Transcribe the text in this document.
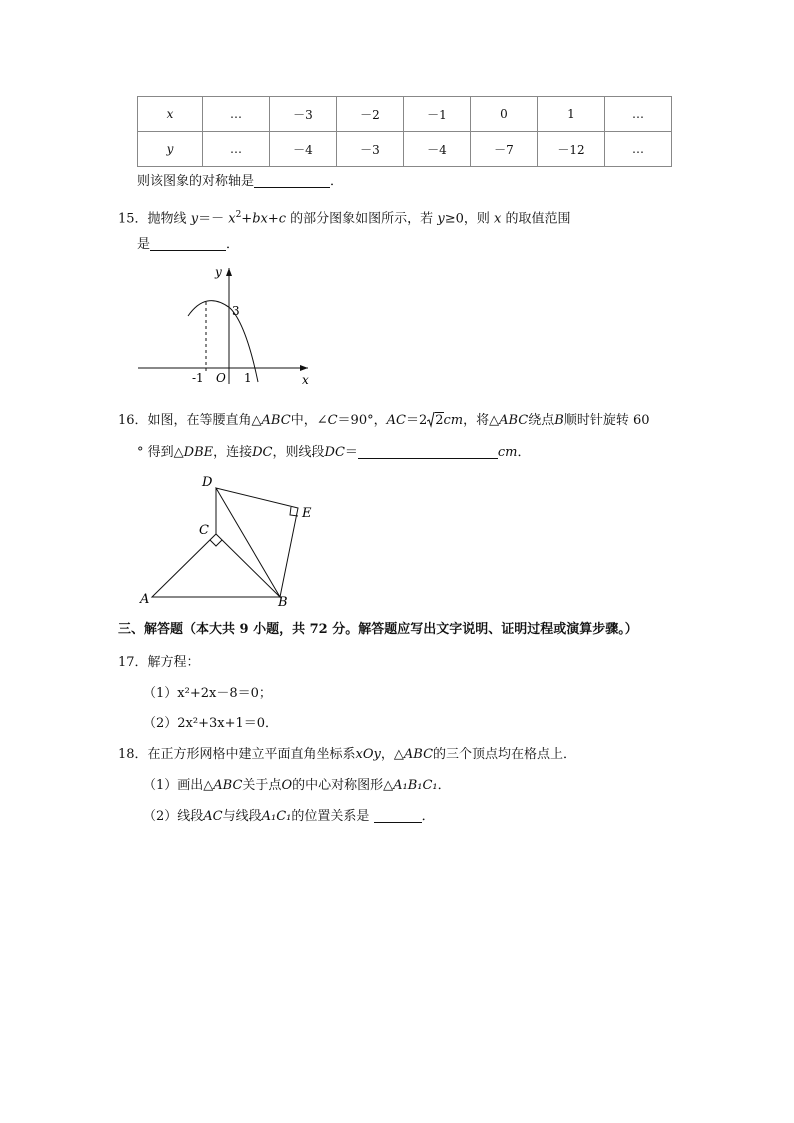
x	…	－3	－2	－1	0	1	…
y	…	－4	－3	－4	－7	－12	…
则该图象的对称轴是	．
15．抛物线 $y=- x^2+bx+c$ 的部分图象如图所示，若 y≥0，则 x 的取值范围
是	．
y
x
3
-1 O 1
16．如图，在等腰直角△ABC中，∠C＝90°，AC＝2 2cm，将△ABC绕点B顺时针旋转 60
° 得到△DBE，连接DC，则线段DC＝	cm．
D
C
E
A	B
三、解答题（本大共 9 小题，共 72 分。解答题应写出文字说明、证明过程或演算步骤。）
17．解方程：
（1）x²+2x－8＝0；
（2）2x²+3x+1＝0．
18．在正方形网格中建立平面直角坐标系xOy，△ABC的三个顶点均在格点上．
（1）画出△ABC关于点O的中心对称图形△A₁B₁C₁．
（2）线段AC与线段A₁C₁的位置关系是	．
